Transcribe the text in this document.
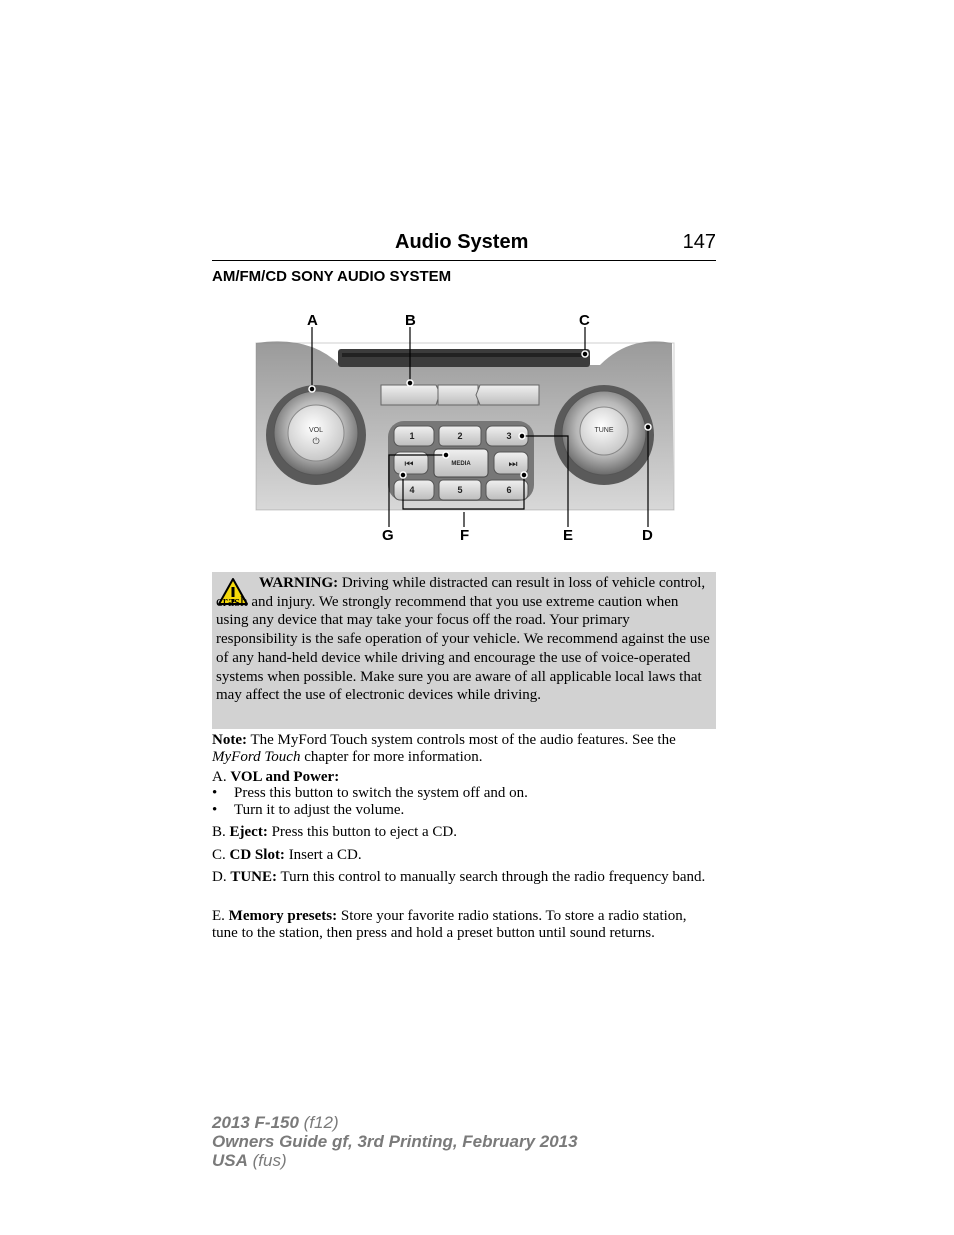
Audio System	147
AM/FM/CD SONY AUDIO SYSTEM
VOL
⏻
TUNE
1	2	3
4	5	6
MEDIA
⏮	⏭
A	B	C
D
E
F
G
WARNING: Driving while distracted can result in loss of vehicle control, crash and injury. We strongly recommend that you use extreme caution when using any device that may take your focus off the road. Your primary responsibility is the safe operation of your vehicle. We recommend against the use of any hand-held device while driving and encourage the use of voice-operated systems when possible. Make sure you are aware of all applicable local laws that may affect the use of electronic devices while driving.
Note: The MyFord Touch system controls most of the audio features. See the MyFord Touch chapter for more information.
A. VOL and Power:
• Press this button to switch the system off and on.
• Turn it to adjust the volume.
B. Eject: Press this button to eject a CD.
C. CD Slot: Insert a CD.
D. TUNE: Turn this control to manually search through the radio frequency band.
E. Memory presets: Store your favorite radio stations. To store a radio station, tune to the station, then press and hold a preset button until sound returns.
2013 F-150 (f12)
Owners Guide gf, 3rd Printing, February 2013
USA (fus)
